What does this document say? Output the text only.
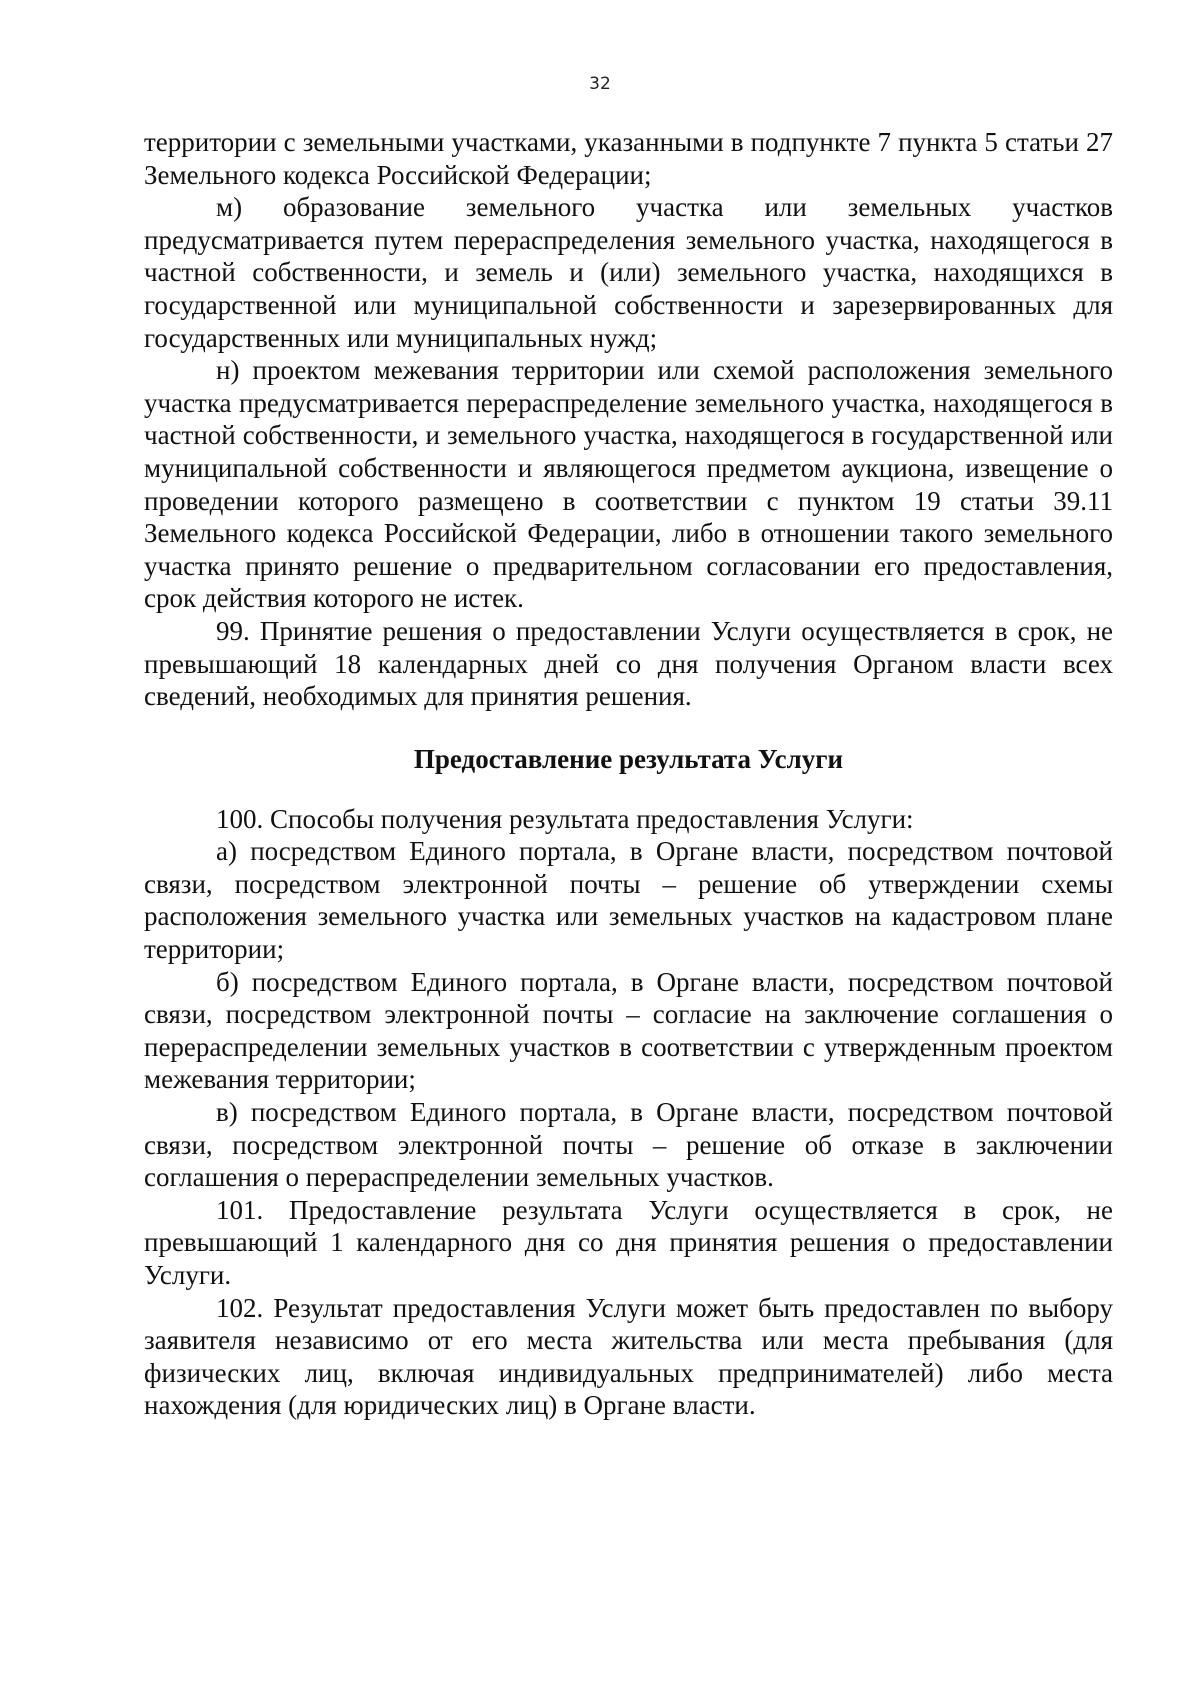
32

территории с земельными участками, указанными в подпункте 7 пункта 5 статьи 27 Земельного кодекса Российской Федерации;

м) образование земельного участка или земельных участков предусматривается путем перераспределения земельного участка, находящегося в частной собственности, и земель и (или) земельного участка, находящихся в государственной или муниципальной собственности и зарезервированных для государственных или муниципальных нужд;

н) проектом межевания территории или схемой расположения земельного участка предусматривается перераспределение земельного участка, находящегося в частной собственности, и земельного участка, находящегося в государственной или муниципальной собственности и являющегося предметом аукциона, извещение о проведении которого размещено в соответствии с пунктом 19 статьи 39.11 Земельного кодекса Российской Федерации, либо в отношении такого земельного участка принято решение о предварительном согласовании его предоставления, срок действия которого не истек.

99. Принятие решения о предоставлении Услуги осуществляется в срок, не превышающий 18 календарных дней со дня получения Органом власти всех сведений, необходимых для принятия решения.

Предоставление результата Услуги

100. Способы получения результата предоставления Услуги:

а) посредством Единого портала, в Органе власти, посредством почтовой связи, посредством электронной почты – решение об утверждении схемы расположения земельного участка или земельных участков на кадастровом плане территории;

б) посредством Единого портала, в Органе власти, посредством почтовой связи, посредством электронной почты – согласие на заключение соглашения о перераспределении земельных участков в соответствии с утвержденным проектом межевания территории;

в) посредством Единого портала, в Органе власти, посредством почтовой связи, посредством электронной почты – решение об отказе в заключении соглашения о перераспределении земельных участков.

101. Предоставление результата Услуги осуществляется в срок, не превышающий 1 календарного дня со дня принятия решения о предоставлении Услуги.

102. Результат предоставления Услуги может быть предоставлен по выбору заявителя независимо от его места жительства или места пребывания (для физических лиц, включая индивидуальных предпринимателей) либо места нахождения (для юридических лиц) в Органе власти.
